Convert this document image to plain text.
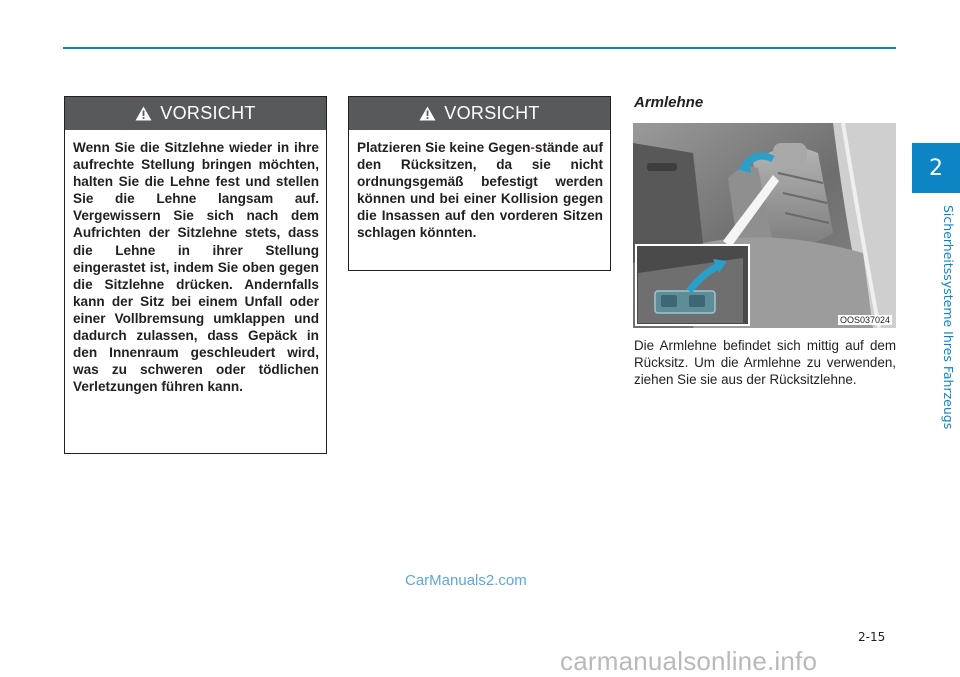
2
Sicherheitssysteme Ihres Fahrzeugs
VORSICHT
Wenn Sie die Sitzlehne wieder in ihre aufrechte Stellung bringen möchten, halten Sie die Lehne fest und stellen Sie die Lehne langsam auf. Vergewissern Sie sich nach dem Aufrichten der Sitzlehne stets, dass die Lehne in ihrer Stellung eingerastet ist, indem Sie oben gegen die Sitzlehne drücken. Andernfalls kann der Sitz bei einem Unfall oder einer Vollbremsung umklappen und dadurch zulassen, dass Gepäck in den Innenraum geschleudert wird, was zu schweren oder tödlichen Verletzungen führen kann.
VORSICHT
Platzieren Sie keine Gegen-stände auf den Rücksitzen, da sie nicht ordnungsgemäß befestigt werden können und bei einer Kollision gegen die Insassen auf den vorderen Sitzen schlagen könnten.
Armlehne
OOS037024
Die Armlehne befindet sich mittig auf dem Rücksitz. Um die Armlehne zu verwenden, ziehen Sie sie aus der Rücksitzlehne.
CarManuals2.com
2-15
carmanualsonline.info
